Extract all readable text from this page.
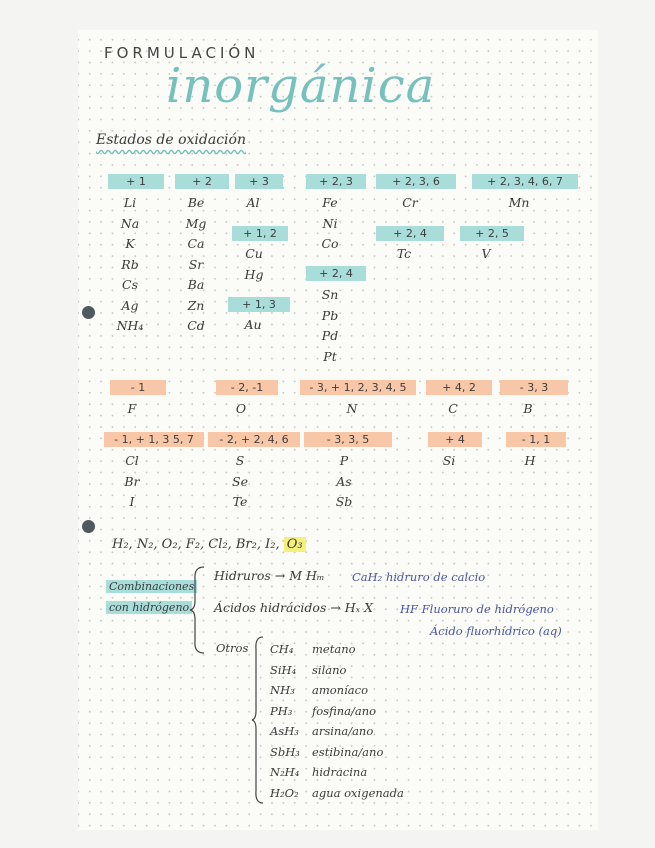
FORMULACIÓN
inorgánica
Estados de oxidación
+ 1
Li
Na
K
Rb
Cs
Ag
NH₄
+ 2
Be
Mg
Ca
Sr
Ba
Zn
Cd
+ 3
Al
+ 1, 2
Cu
Hg
+ 1, 3
Au
+ 2, 3
Fe
Ni
Co
+ 2, 4
Sn
Pb
Pd
Pt
+ 2, 3, 6
Cr
+ 2, 4
Tc
+ 2, 3, 4, 6, 7
Mn
+ 2, 5
V
- 1
F
- 2, -1
O
- 3, + 1, 2, 3, 4, 5
N
+ 4, 2
C
- 3, 3
B
- 1, + 1, 3 5, 7
Cl
Br
I
- 2, + 2, 4, 6
S
Se
Te
- 3, 3, 5
P
As
Sb
+ 4
Si
- 1, 1
H
H₂, N₂, O₂, F₂, Cl₂, Br₂, I₂, O₃
Combinaciones
con hidrógeno
Hidruros → M Hₘ CaH₂ hidruro de calcio
Ácidos hidrácidos → Hₓ X HF Fluoruro de hidrógeno
Ácido fluorhídrico (aq)
Otros CH₄
SiH₄
NH₃
PH₃
AsH₃
SbH₃
N₂H₄
H₂O₂
metano
silano
amoníaco
fosfina/ano
arsina/ano
estibina/ano
hidracina
agua oxigenada
